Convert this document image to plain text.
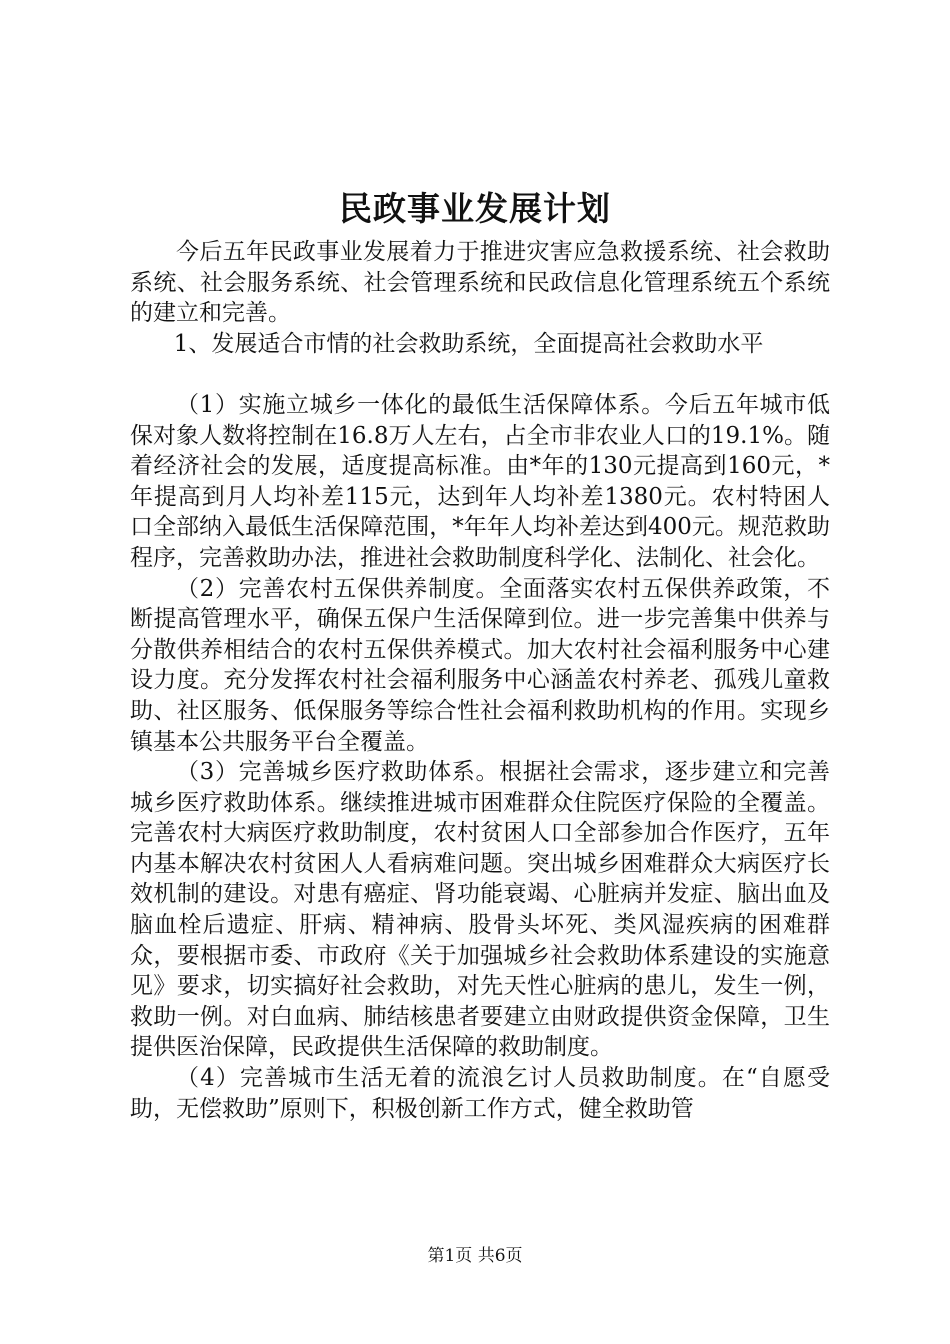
民政事业发展计划

今后五年民政事业发展着力于推进灾害应急救援系统、社会救助系统、社会服务系统、社会管理系统和民政信息化管理系统五个系统的建立和完善。

1、发展适合市情的社会救助系统，全面提高社会救助水平

（1）实施立城乡一体化的最低生活保障体系。今后五年城市低保对象人数将控制在16.8万人左右，占全市非农业人口的19.1%。随着经济社会的发展，适度提高标准。由*年的130元提高到160元，*年提高到月人均补差115元，达到年人均补差1380元。农村特困人口全部纳入最低生活保障范围，*年年人均补差达到400元。规范救助程序，完善救助办法，推进社会救助制度科学化、法制化、社会化。

（2）完善农村五保供养制度。全面落实农村五保供养政策，不断提高管理水平，确保五保户生活保障到位。进一步完善集中供养与分散供养相结合的农村五保供养模式。加大农村社会福利服务中心建设力度。充分发挥农村社会福利服务中心涵盖农村养老、孤残儿童救助、社区服务、低保服务等综合性社会福利救助机构的作用。实现乡镇基本公共服务平台全覆盖。

（3）完善城乡医疗救助体系。根据社会需求，逐步建立和完善城乡医疗救助体系。继续推进城市困难群众住院医疗保险的全覆盖。完善农村大病医疗救助制度，农村贫困人口全部参加合作医疗，五年内基本解决农村贫困人人看病难问题。突出城乡困难群众大病医疗长效机制的建设。对患有癌症、肾功能衰竭、心脏病并发症、脑出血及脑血栓后遗症、肝病、精神病、股骨头坏死、类风湿疾病的困难群众，要根据市委、市政府《关于加强城乡社会救助体系建设的实施意见》要求，切实搞好社会救助，对先天性心脏病的患儿，发生一例，救助一例。对白血病、肺结核患者要建立由财政提供资金保障，卫生提供医治保障，民政提供生活保障的救助制度。

（4）完善城市生活无着的流浪乞讨人员救助制度。在“自愿受助，无偿救助”原则下，积极创新工作方式，健全救助管

第1页 共6页
